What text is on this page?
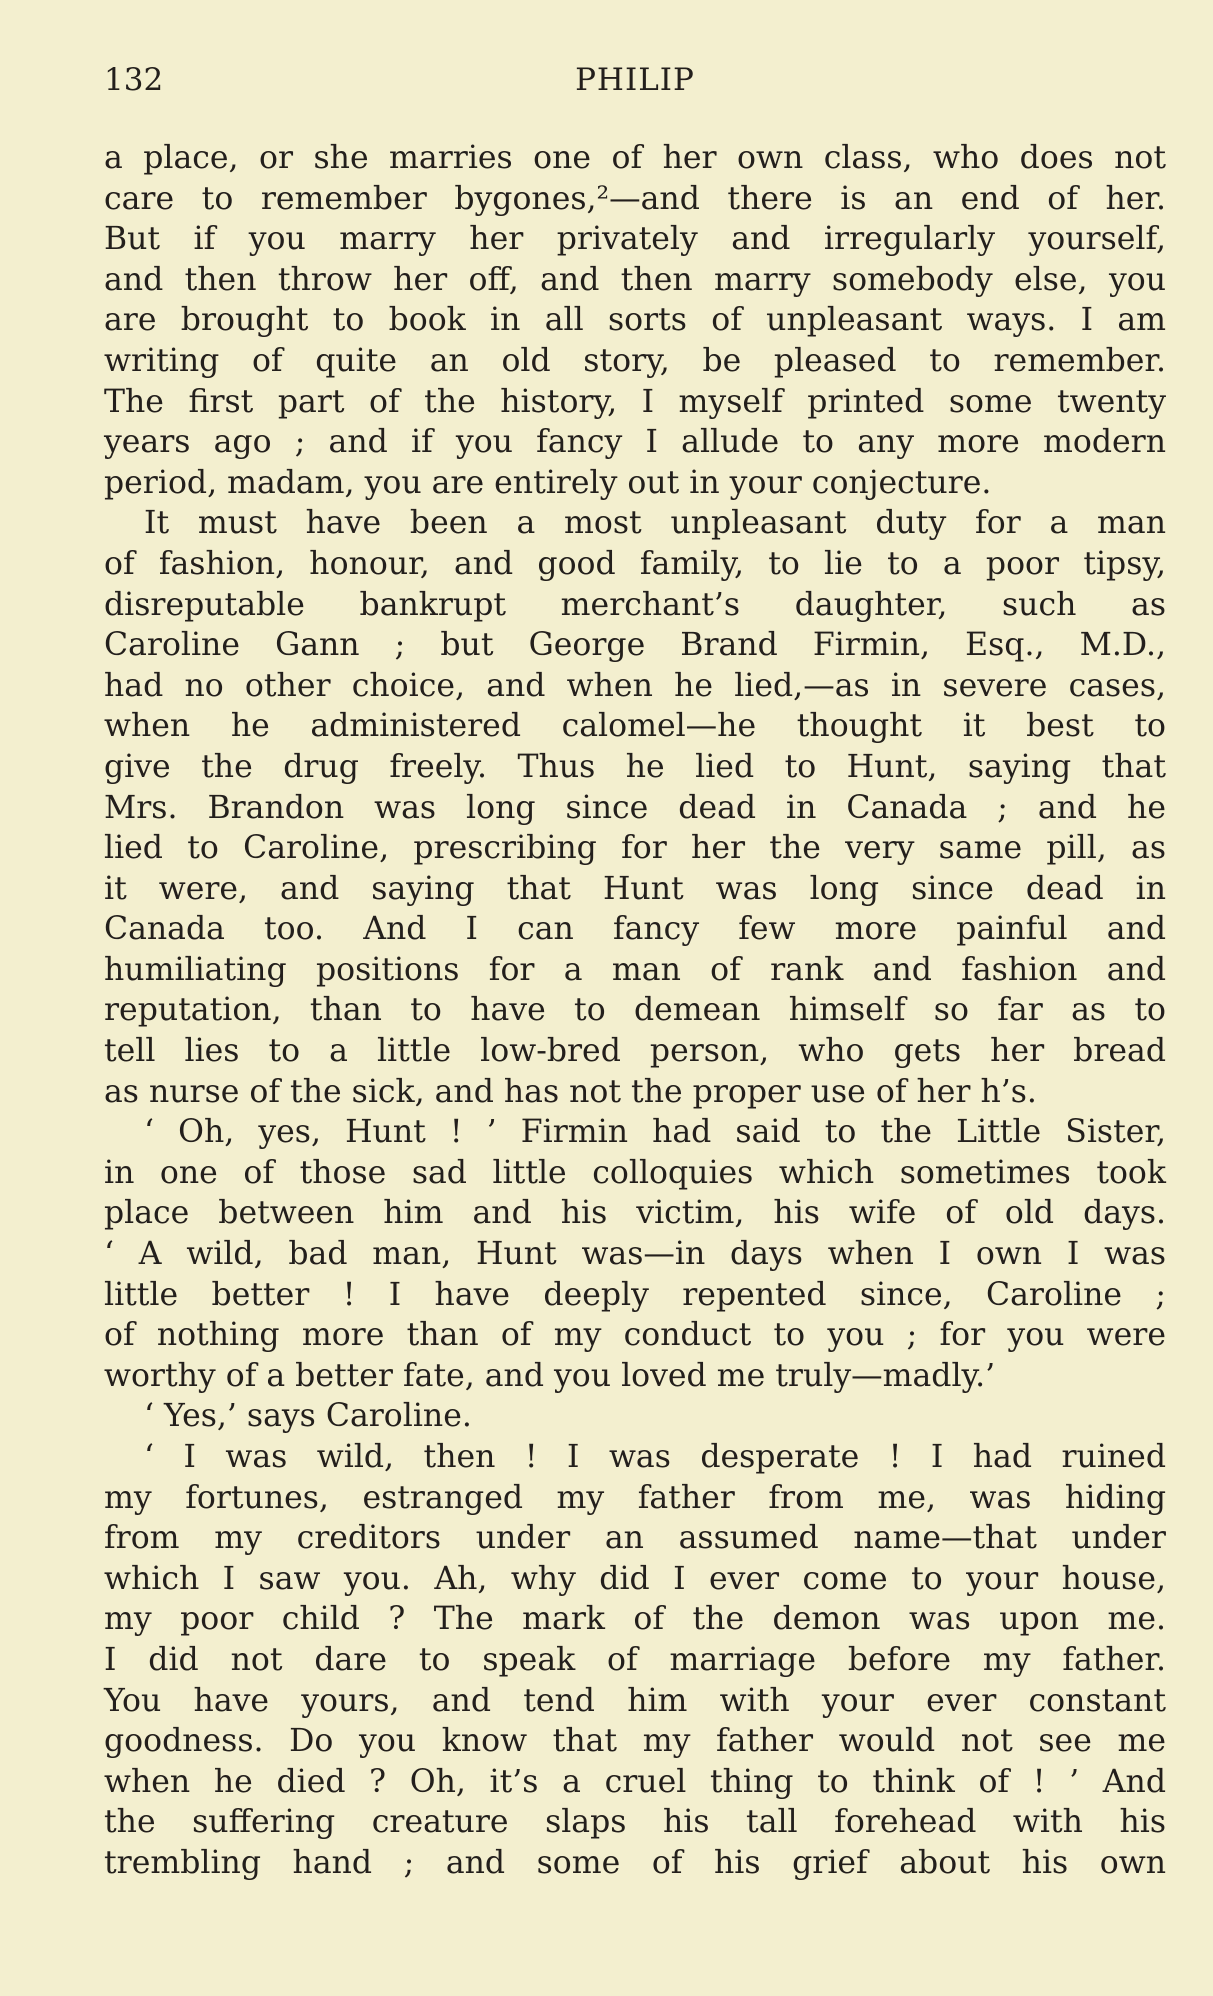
132	PHILIP
a place, or she marries one of her own class, who does not
care to remember bygones,²—and there is an end of her.
But if you marry her privately and irregularly yourself,
and then throw her off, and then marry somebody else, you
are brought to book in all sorts of unpleasant ways. I am
writing of quite an old story, be pleased to remember.
The first part of the history, I myself printed some twenty
years ago ; and if you fancy I allude to any more modern
period, madam, you are entirely out in your conjecture.
It must have been a most unpleasant duty for a man
of fashion, honour, and good family, to lie to a poor tipsy,
disreputable bankrupt merchant’s daughter, such as
Caroline Gann ; but George Brand Firmin, Esq., M.D.,
had no other choice, and when he lied,—as in severe cases,
when he administered calomel—he thought it best to
give the drug freely. Thus he lied to Hunt, saying that
Mrs. Brandon was long since dead in Canada ; and he
lied to Caroline, prescribing for her the very same pill, as
it were, and saying that Hunt was long since dead in
Canada too. And I can fancy few more painful and
humiliating positions for a man of rank and fashion and
reputation, than to have to demean himself so far as to
tell lies to a little low-bred person, who gets her bread
as nurse of the sick, and has not the proper use of her h’s.
‘ Oh, yes, Hunt ! ’ Firmin had said to the Little Sister,
in one of those sad little colloquies which sometimes took
place between him and his victim, his wife of old days.
‘ A wild, bad man, Hunt was—in days when I own I was
little better ! I have deeply repented since, Caroline ;
of nothing more than of my conduct to you ; for you were
worthy of a better fate, and you loved me truly—madly.’
‘ Yes,’ says Caroline.
‘ I was wild, then ! I was desperate ! I had ruined
my fortunes, estranged my father from me, was hiding
from my creditors under an assumed name—that under
which I saw you. Ah, why did I ever come to your house,
my poor child ? The mark of the demon was upon me.
I did not dare to speak of marriage before my father.
You have yours, and tend him with your ever constant
goodness. Do you know that my father would not see me
when he died ? Oh, it’s a cruel thing to think of ! ’ And
the suffering creature slaps his tall forehead with his
trembling hand ; and some of his grief about his own
